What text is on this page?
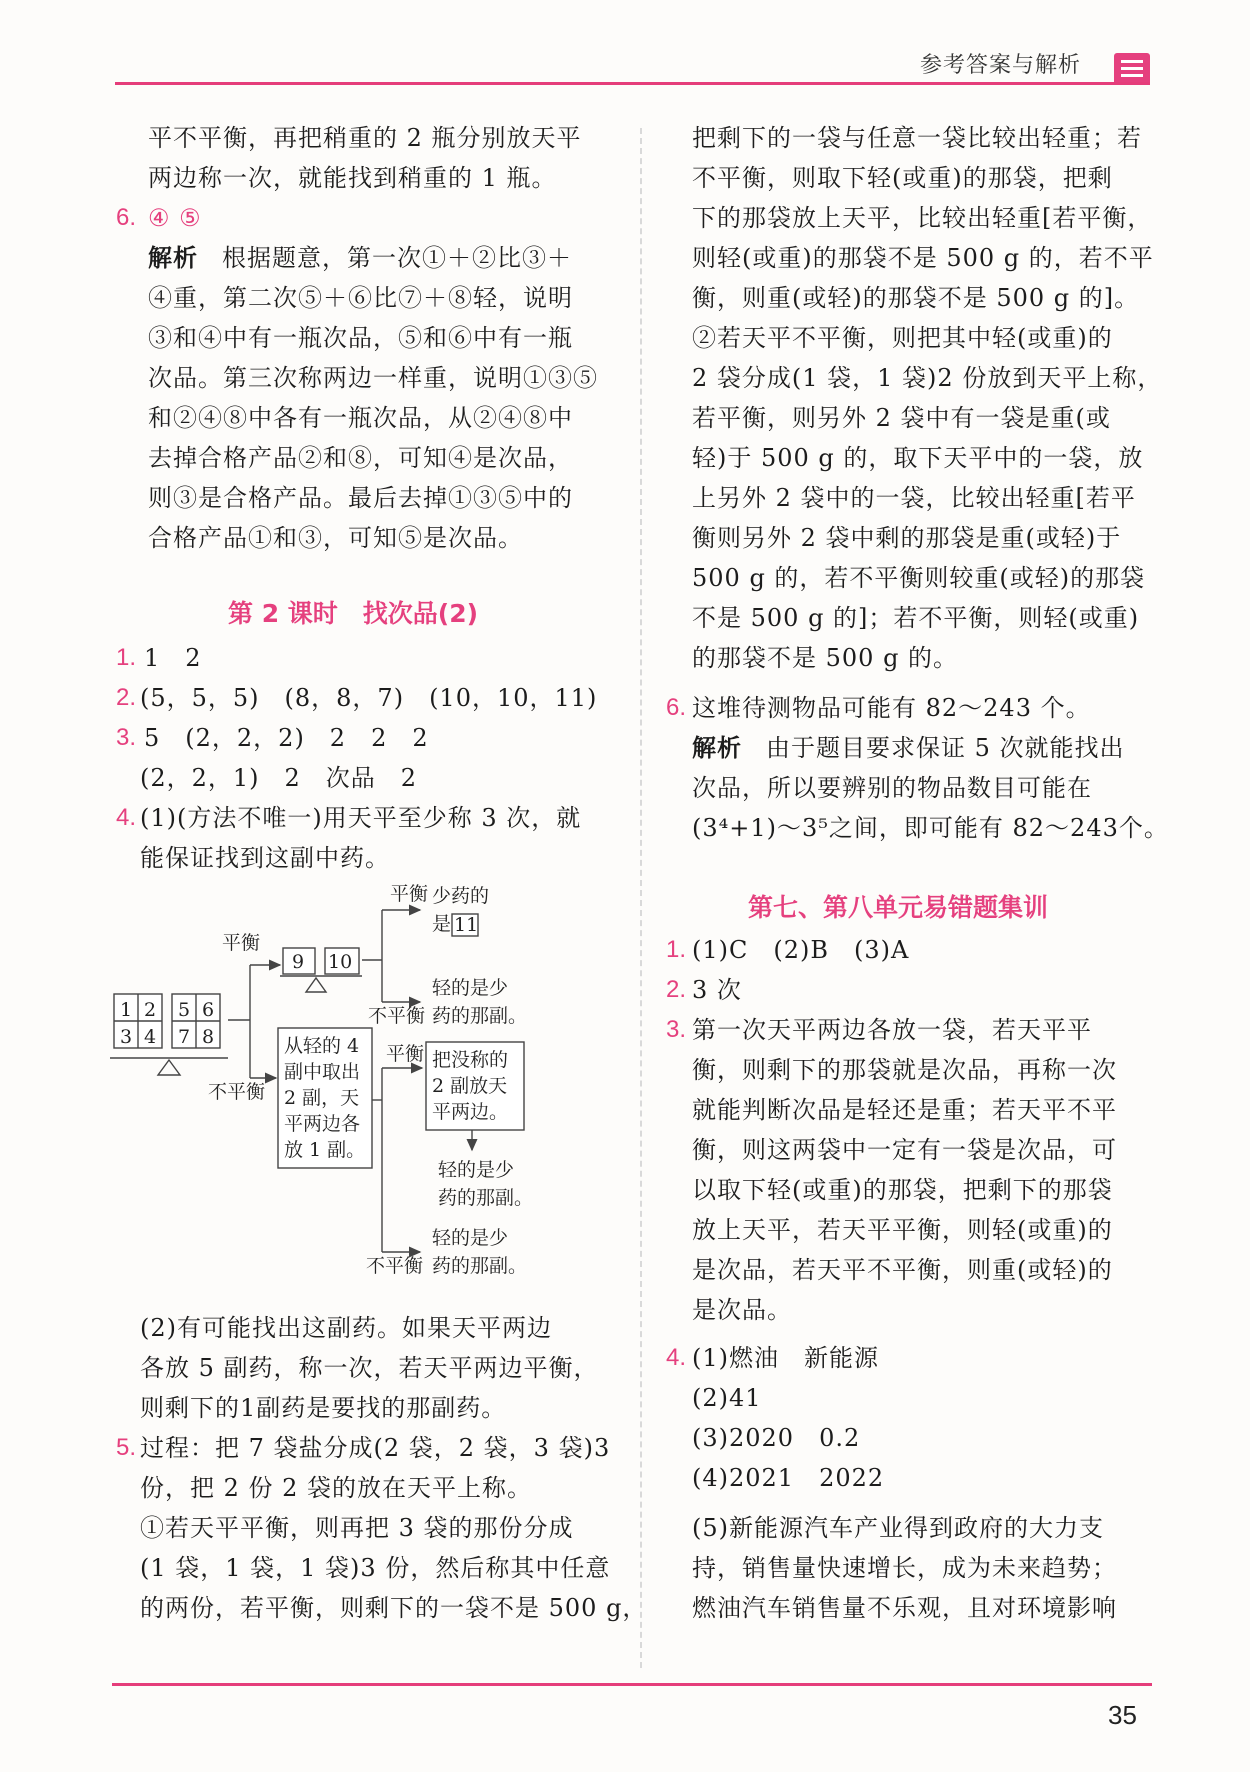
参考答案与解析
平不平衡，再把稍重的 2 瓶分别放天平
两边称一次，就能找到稍重的 1 瓶。
6. ④ ⑤
解析 根据题意，第一次①＋②比③＋
④重，第二次⑤＋⑥比⑦＋⑧轻，说明
③和④中有一瓶次品，⑤和⑥中有一瓶
次品。第三次称两边一样重，说明①③⑤
和②④⑧中各有一瓶次品，从②④⑧中
去掉合格产品②和⑧，可知④是次品，
则③是合格产品。最后去掉①③⑤中的
合格产品①和③，可知⑤是次品。
第 2 课时　找次品(2)
1. 1　2
2. (5，5，5)　(8，8，7)　(10，10，11)
3. 5　(2，2，2)　2　2　2
(2，2，1)　2　次品　2
4. (1)(方法不唯一)用天平至少称 3 次，就
能保证找到这副中药。
1 2
3 4
5 6
7 8
平衡
不平衡
9 10
平衡
不平衡
少药的
是 11
轻的是少
药的那副。
从轻的 4
副中取出
2 副，天
平两边各
放 1 副。
平衡
不平衡
把没称的
2 副放天
平两边。
轻的是少
药的那副。
轻的是少
药的那副。
(2)有可能找出这副药。如果天平两边
各放 5 副药，称一次，若天平两边平衡，
则剩下的1副药是要找的那副药。
5. 过程：把 7 袋盐分成(2 袋，2 袋，3 袋)3
份，把 2 份 2 袋的放在天平上称。
①若天平平衡，则再把 3 袋的那份分成
(1 袋，1 袋，1 袋)3 份，然后称其中任意
的两份，若平衡，则剩下的一袋不是 500 g，
把剩下的一袋与任意一袋比较出轻重；若
不平衡，则取下轻(或重)的那袋，把剩
下的那袋放上天平，比较出轻重[若平衡，
则轻(或重)的那袋不是 500 g 的，若不平
衡，则重(或轻)的那袋不是 500 g 的]。
②若天平不平衡，则把其中轻(或重)的
2 袋分成(1 袋，1 袋)2 份放到天平上称，
若平衡，则另外 2 袋中有一袋是重(或
轻)于 500 g 的，取下天平中的一袋，放
上另外 2 袋中的一袋，比较出轻重[若平
衡则另外 2 袋中剩的那袋是重(或轻)于
500 g 的，若不平衡则较重(或轻)的那袋
不是 500 g 的]；若不平衡，则轻(或重)
的那袋不是 500 g 的。
6. 这堆待测物品可能有 82～243 个。
解析 由于题目要求保证 5 次就能找出
次品，所以要辨别的物品数目可能在
(3⁴+1)～3⁵之间，即可能有 82～243个。
第七、第八单元易错题集训
1. (1)C　(2)B　(3)A
2. 3 次
3. 第一次天平两边各放一袋，若天平平
衡，则剩下的那袋就是次品，再称一次
就能判断次品是轻还是重；若天平不平
衡，则这两袋中一定有一袋是次品，可
以取下轻(或重)的那袋，把剩下的那袋
放上天平，若天平平衡，则轻(或重)的
是次品，若天平不平衡，则重(或轻)的
是次品。
4. (1)燃油　新能源
(2)41
(3)2020　0.2
(4)2021　2022
(5)新能源汽车产业得到政府的大力支
持，销售量快速增长，成为未来趋势；
燃油汽车销售量不乐观，且对环境影响
35
